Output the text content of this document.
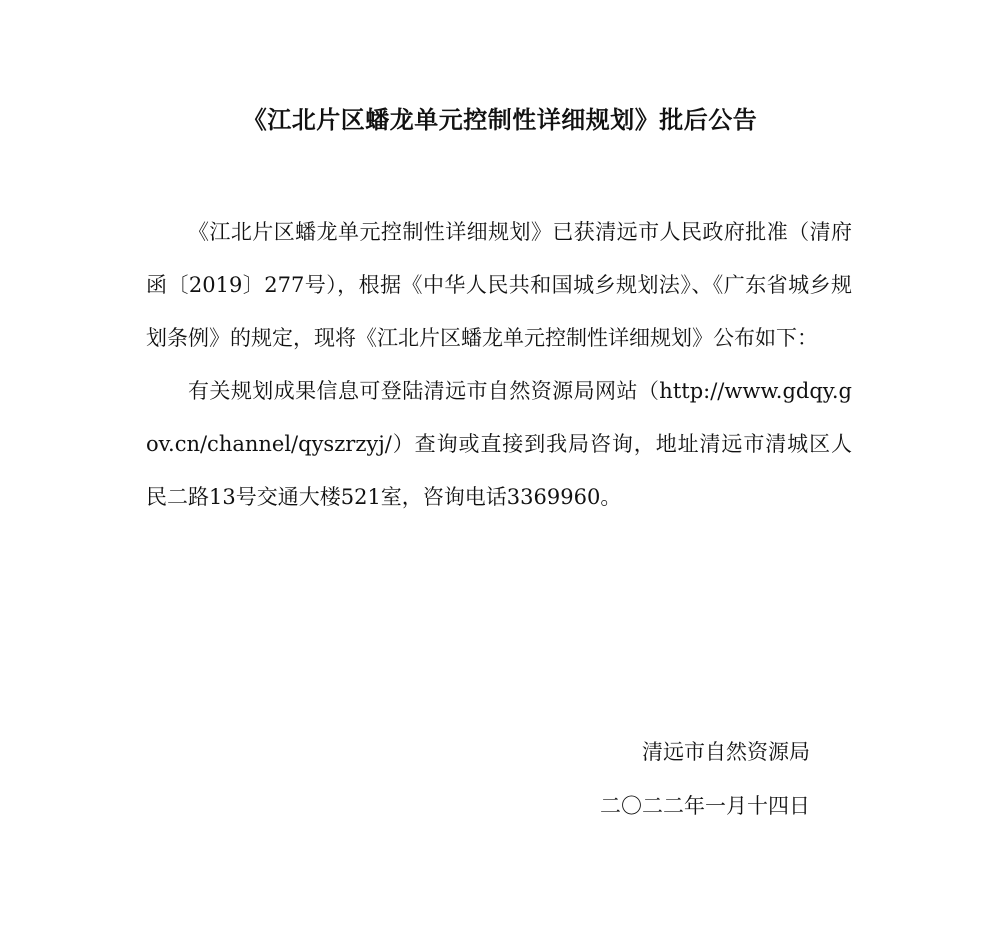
《江北片区蟠龙单元控制性详细规划》批后公告

《江北片区蟠龙单元控制性详细规划》已获清远市人民政府批准（清府函〔2019〕277号），根据《中华人民共和国城乡规划法》、《广东省城乡规划条例》的规定，现将《江北片区蟠龙单元控制性详细规划》公布如下：

有关规划成果信息可登陆清远市自然资源局网站（http://www.gdqy.gov.cn/channel/qyszrzyj/）查询或直接到我局咨询，地址清远市清城区人民二路13号交通大楼521室，咨询电话3369960。

清远市自然资源局
二〇二二年一月十四日
